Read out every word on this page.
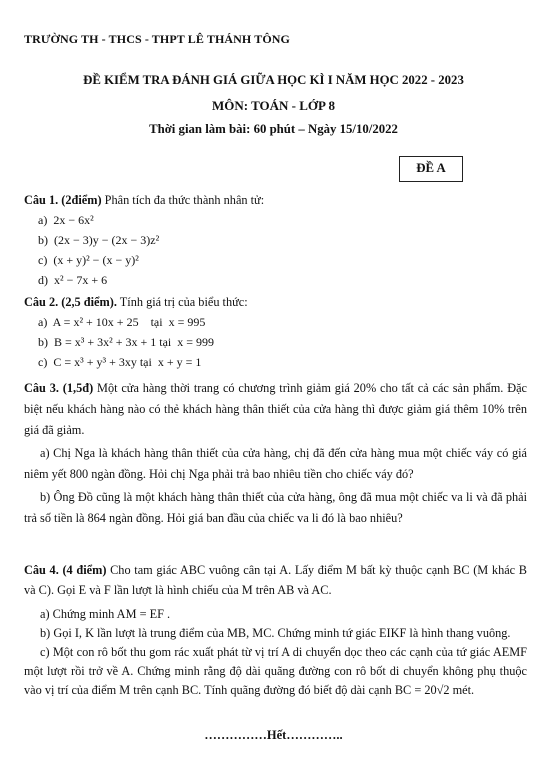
TRƯỜNG TH - THCS - THPT LÊ THÁNH TÔNG
ĐỀ KIỂM TRA ĐÁNH GIÁ GIỮA HỌC KÌ I NĂM HỌC 2022 - 2023
MÔN: TOÁN - LỚP 8
Thời gian làm bài: 60 phút – Ngày 15/10/2022
ĐỀ A
Câu 1. (2điểm) Phân tích đa thức thành nhân tử:
a) 2x − 6x²
b) (2x − 3)y − (2x − 3)z²
c) (x + y)² − (x − y)²
d) x² − 7x + 6
Câu 2. (2,5 điểm). Tính giá trị của biểu thức:
a) A = x² + 10x + 25    tại  x = 995
b) B = x³ + 3x² + 3x + 1 tại  x = 999
c) C = x³ + y³ + 3xy tại  x + y = 1
Câu 3. (1,5đ) Một cửa hàng thời trang có chương trình giảm giá 20% cho tất cả các sản phẩm. Đặc biệt nếu khách hàng nào có thẻ khách hàng thân thiết của cửa hàng thì được giảm giá thêm 10% trên giá đã giảm.
a) Chị Nga là khách hàng thân thiết của cửa hàng, chị đã đến cửa hàng mua một chiếc váy có giá niêm yết 800 ngàn đồng. Hỏi chị Nga phải trả bao nhiêu tiền cho chiếc váy đó?
b) Ông Đồ cũng là một khách hàng thân thiết của cửa hàng, ông đã mua một chiếc va li và đã phải trả số tiền là 864 ngàn đồng. Hỏi giá ban đầu của chiếc va li đó là bao nhiêu?
Câu 4. (4 điểm) Cho tam giác ABC vuông cân tại A. Lấy điểm M bất kỳ thuộc cạnh BC (M khác B và C). Gọi E và F lần lượt là hình chiếu của M trên AB và AC.
a) Chứng minh AM = EF .
b) Gọi I, K lần lượt là trung điểm của MB, MC. Chứng minh tứ giác EIKF là hình thang vuông.
c) Một con rô bốt thu gom rác xuất phát từ vị trí A di chuyển dọc theo các cạnh của tứ giác AEMF một lượt rồi trở về A. Chứng minh rằng độ dài quãng đường con rô bốt di chuyển không phụ thuộc vào vị trí của điểm M trên cạnh BC. Tính quãng đường đó biết độ dài cạnh BC = 20√2 mét.
……………Hết…………..
